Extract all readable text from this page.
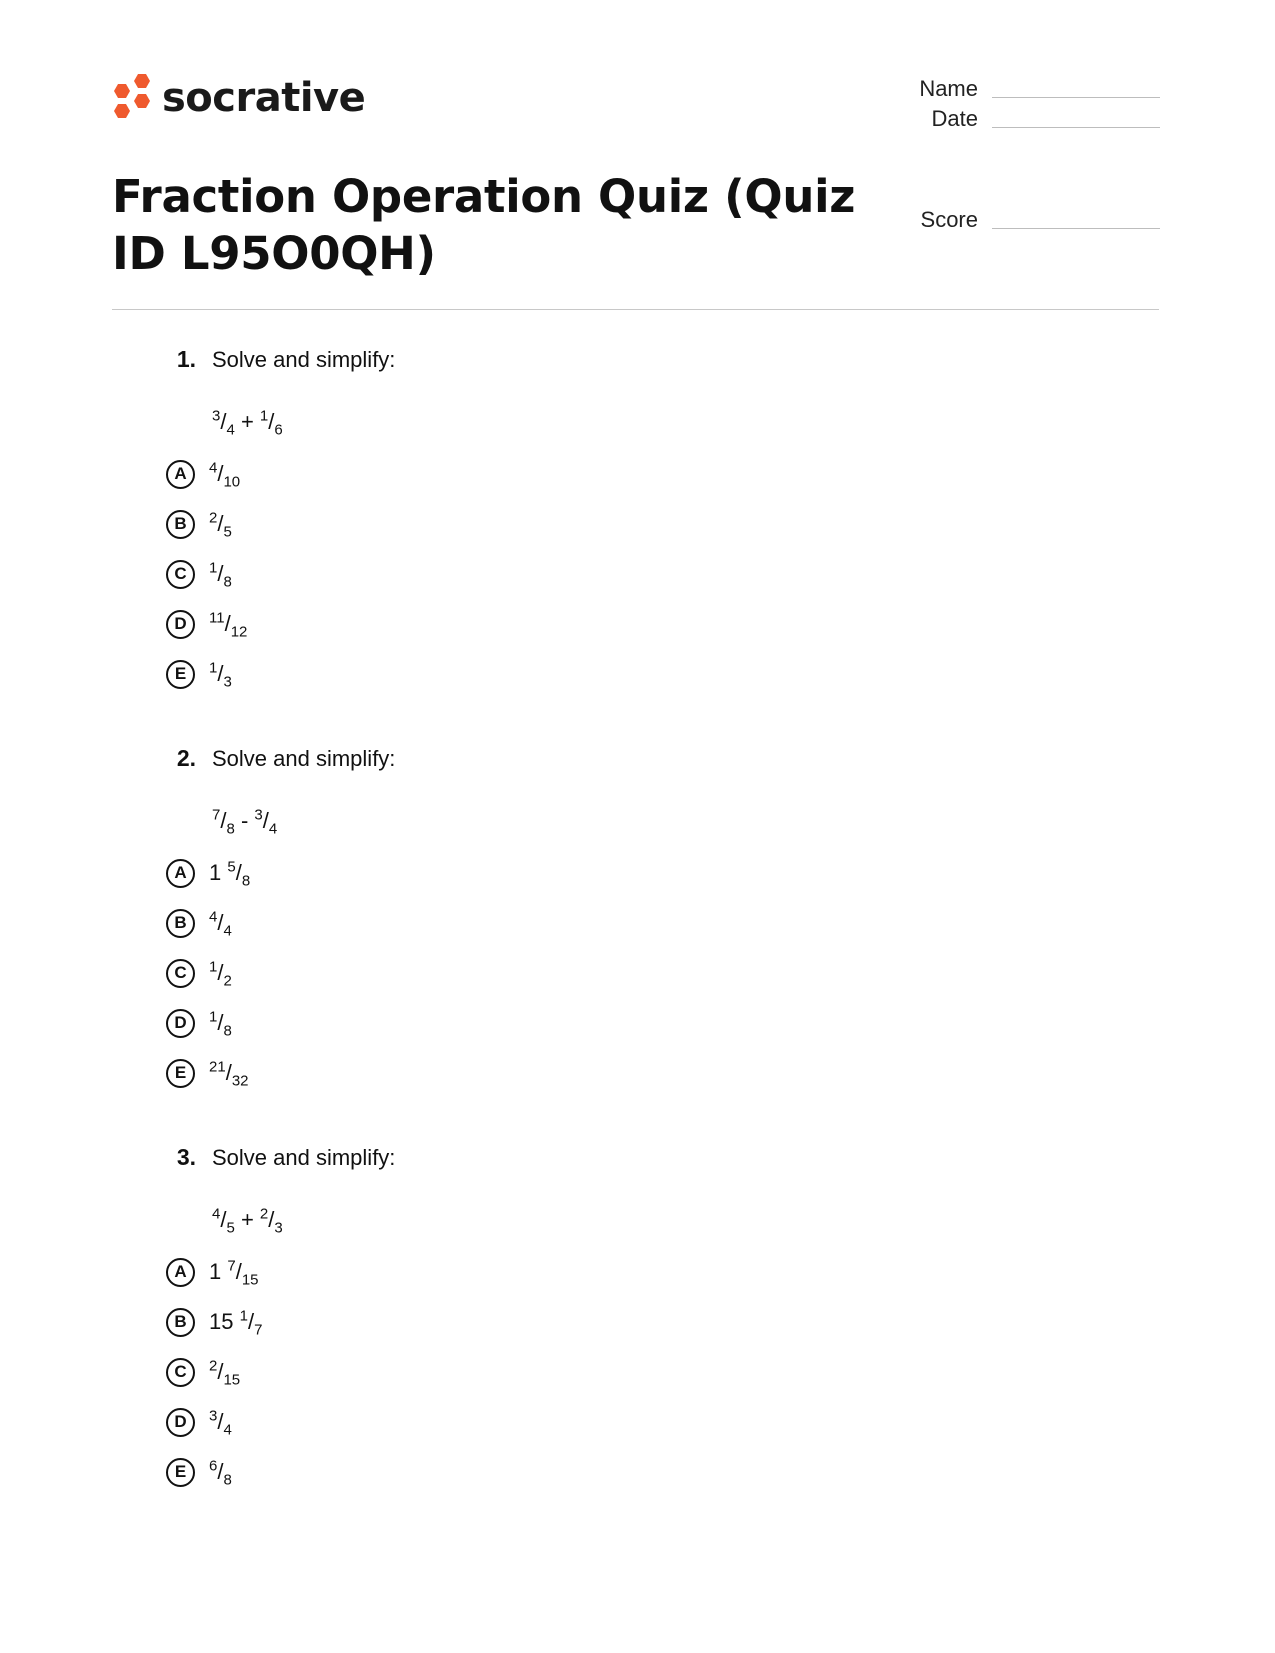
socrative	Name
Date
Score
Fraction Operation Quiz (Quiz ID L95O0QH)
1. Solve and simplify:
$^3/_4 + ^1/_6$
A	$^4/_{10}$
B	$^2/_5$
C	$^1/_8$
D	$^{11}/_{12}$
E	$^1/_3$
2. Solve and simplify:
$^7/_8 - ^3/_4$
A	1 $^5/_8$
B	$^4/_4$
C	$^1/_2$
D	$^1/_8$
E	$^{21}/_{32}$
3. Solve and simplify:
$^4/_5 + ^2/_3$
A	1 $^7/_{15}$
B	15 $^1/_7$
C	$^2/_{15}$
D	$^3/_4$
E	$^6/_8$
